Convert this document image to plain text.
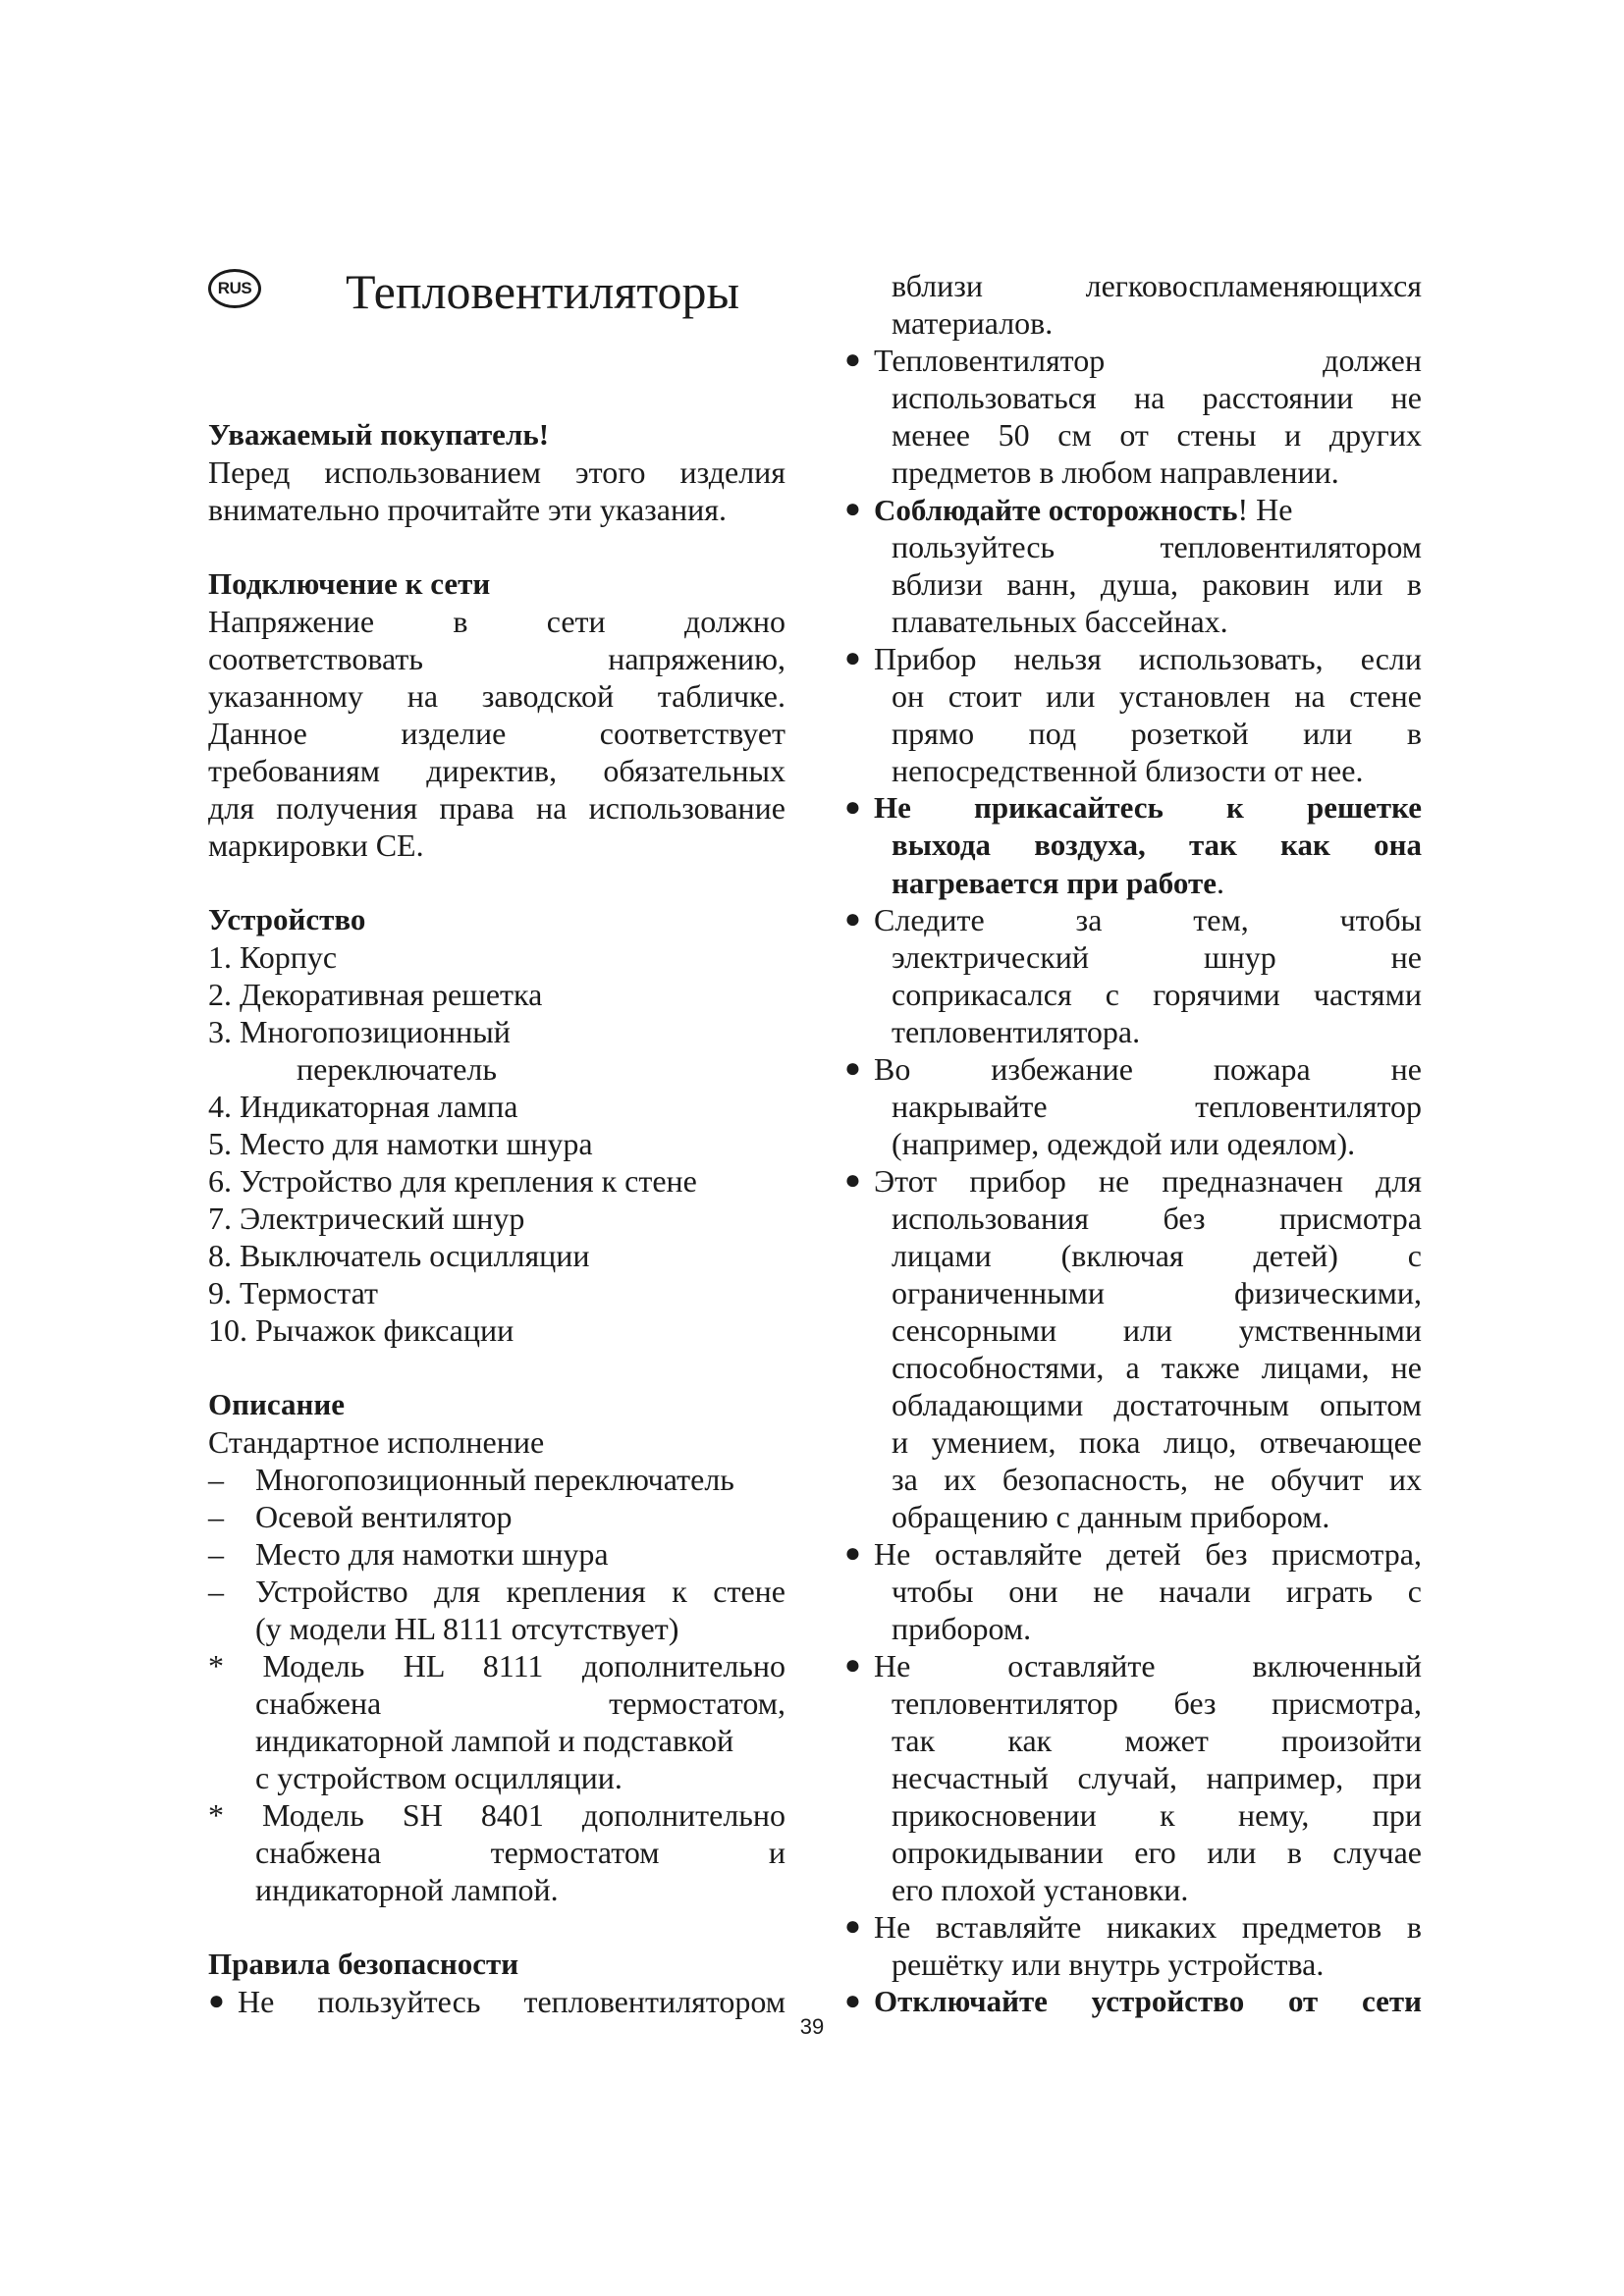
RUS Тепловентиляторы
Уважаемый покупатель!
Перед использованием этого изделия
внимательно прочитайте эти указания.
Подключение к сети
Напряжение в сети должно
соответствовать напряжению,
указанному на заводской табличке.
Данное изделие соответствует
требованиям директив, обязательных
для получения права на использование
маркировки СЕ.
Устройство
1. Корпус
2. Декоративная решетка
3. Многопозиционный
переключатель
4. Индикаторная лампа
5. Место для намотки шнура
6. Устройство для крепления к стене
7. Электрический шнур
8. Выключатель осцилляции
9. Термостат
10. Рычажок фиксации
Описание
Стандартное исполнение
– Многопозиционный переключатель
– Осевой вентилятор
– Место для намотки шнура
– Устройство для крепления к стене
(у модели HL 8111 отсутствует)
* Модель HL 8111 дополнительно
снабжена термостатом,
индикаторной лампой и подставкой
с устройством осцилляции.
* Модель SH 8401 дополнительно
снабжена термостатом и
индикаторной лампой.
Правила безопасности
● Не пользуйтесь тепловентилятором
вблизи легковоспламеняющихся
материалов.
● Тепловентилятор должен
использоваться на расстоянии не
менее 50 см от стены и других
предметов в любом направлении.
● Соблюдайте осторожность! Не
пользуйтесь тепловентилятором
вблизи ванн, душа, раковин или в
плавательных бассейнах.
● Прибор нельзя использовать, если
он стоит или установлен на стене
прямо под розеткой или в
непосредственной близости от нее.
● Не прикасайтесь к решетке
выхода воздуха, так как она
нагревается при работе.
● Следите за тем, чтобы
электрический шнур не
соприкасался с горячими частями
тепловентилятора.
● Во избежание пожара не
накрывайте тепловентилятор
(например, одеждой или одеялом).
● Этот прибор не предназначен для
использования без присмотра
лицами (включая детей) с
ограниченными физическими,
сенсорными или умственными
способностями, а также лицами, не
обладающими достаточным опытом
и умением, пока лицо, отвечающее
за их безопасность, не обучит их
обращению с данным прибором.
● Не оставляйте детей без присмотра,
чтобы они не начали играть с
прибором.
● Не оставляйте включенный
тепловентилятор без присмотра,
так как может произойти
несчастный случай, например, при
прикосновении к нему, при
опрокидывании его или в случае
его плохой установки.
● Не вставляйте никаких предметов в
решётку или внутрь устройства.
● Отключайте устройство от сети
39
